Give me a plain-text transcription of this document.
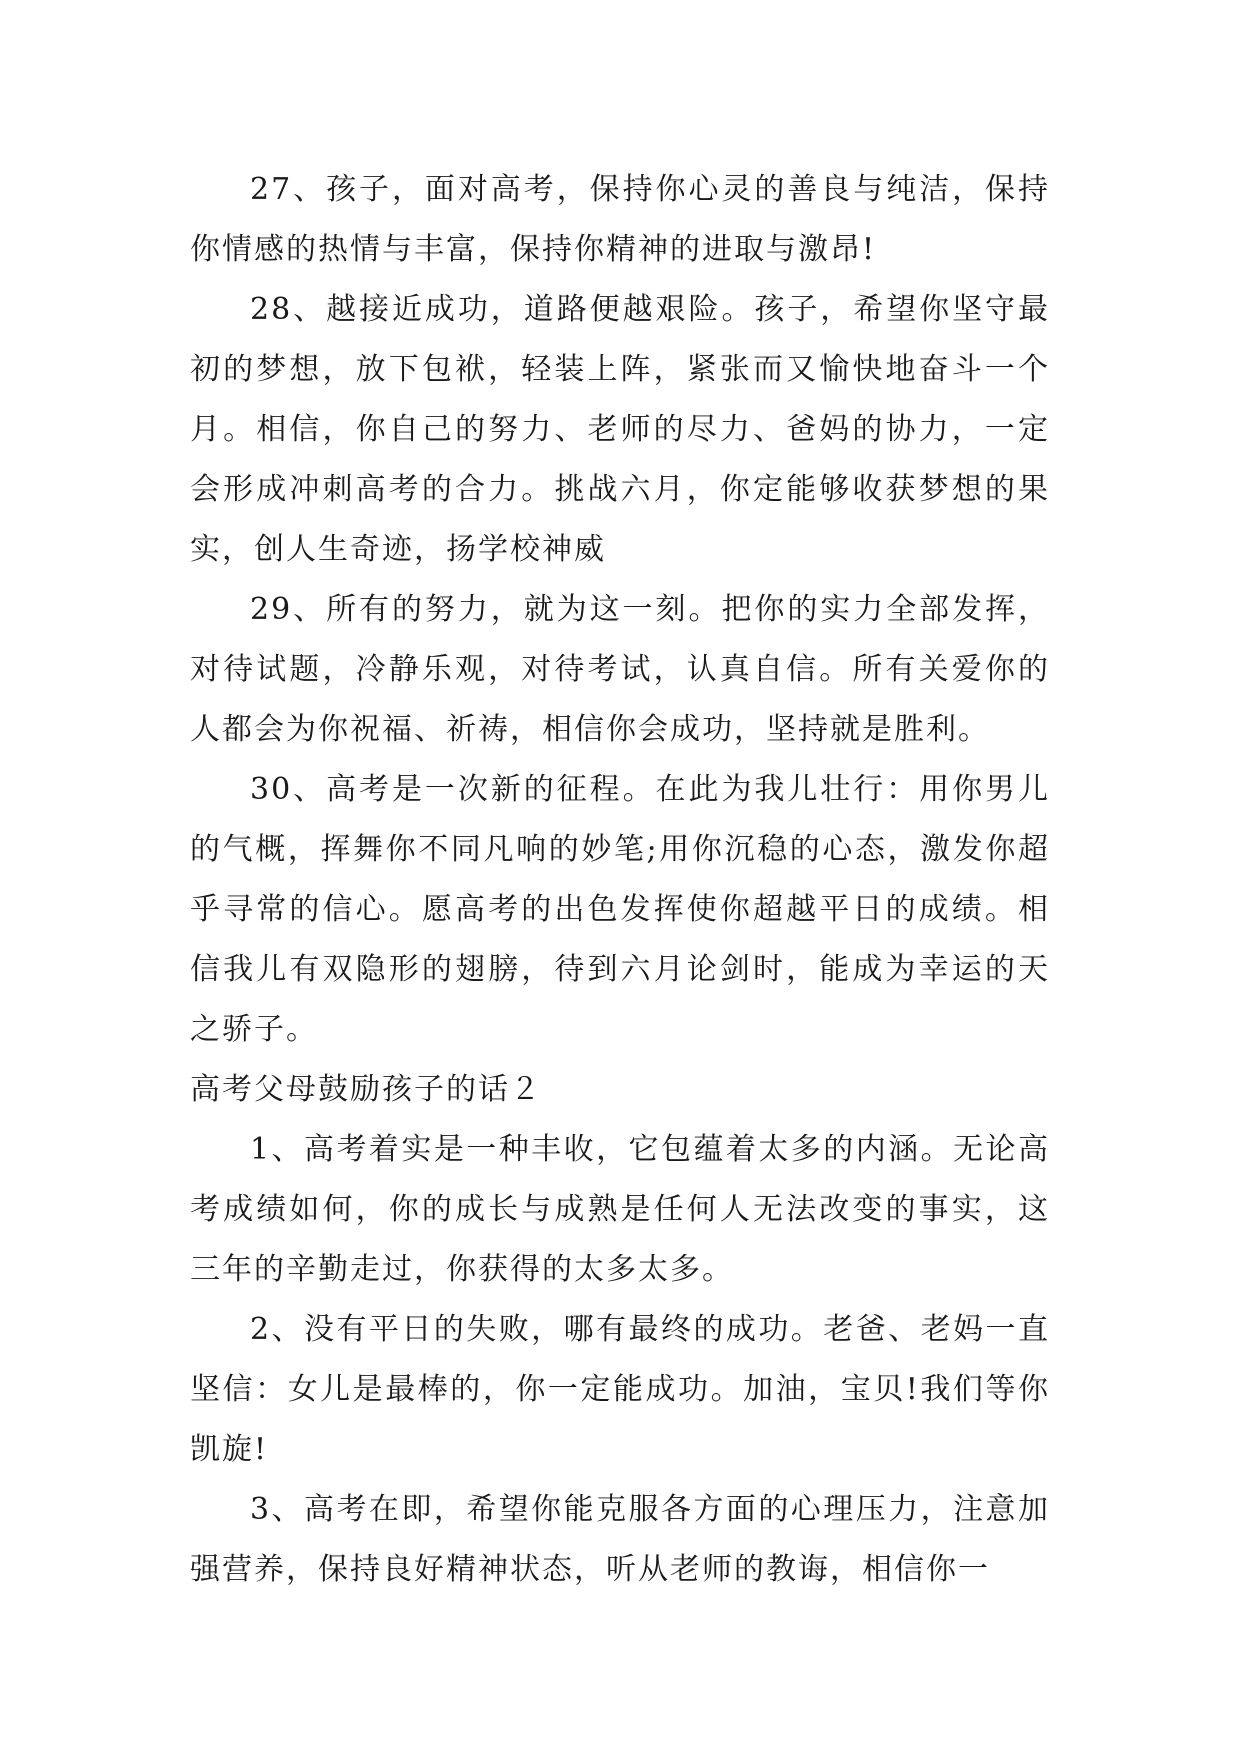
27、孩子，面对高考，保持你心灵的善良与纯洁，保持你情感的热情与丰富，保持你精神的进取与激昂!

28、越接近成功，道路便越艰险。孩子，希望你坚守最初的梦想，放下包袱，轻装上阵，紧张而又愉快地奋斗一个月。相信，你自己的努力、老师的尽力、爸妈的协力，一定会形成冲刺高考的合力。挑战六月，你定能够收获梦想的果实，创人生奇迹，扬学校神威

29、所有的努力，就为这一刻。把你的实力全部发挥，对待试题，冷静乐观，对待考试，认真自信。所有关爱你的人都会为你祝福、祈祷，相信你会成功，坚持就是胜利。

30、高考是一次新的征程。在此为我儿壮行：用你男儿的气概，挥舞你不同凡响的妙笔;用你沉稳的心态，激发你超乎寻常的信心。愿高考的出色发挥使你超越平日的成绩。相信我儿有双隐形的翅膀，待到六月论剑时，能成为幸运的天之骄子。

高考父母鼓励孩子的话２

1、高考着实是一种丰收，它包蕴着太多的内涵。无论高考成绩如何，你的成长与成熟是任何人无法改变的事实，这三年的辛勤走过，你获得的太多太多。

2、没有平日的失败，哪有最终的成功。老爸、老妈一直坚信：女儿是最棒的，你一定能成功。加油，宝贝!我们等你凯旋!

3、高考在即，希望你能克服各方面的心理压力，注意加强营养，保持良好精神状态，听从老师的教诲，相信你一
